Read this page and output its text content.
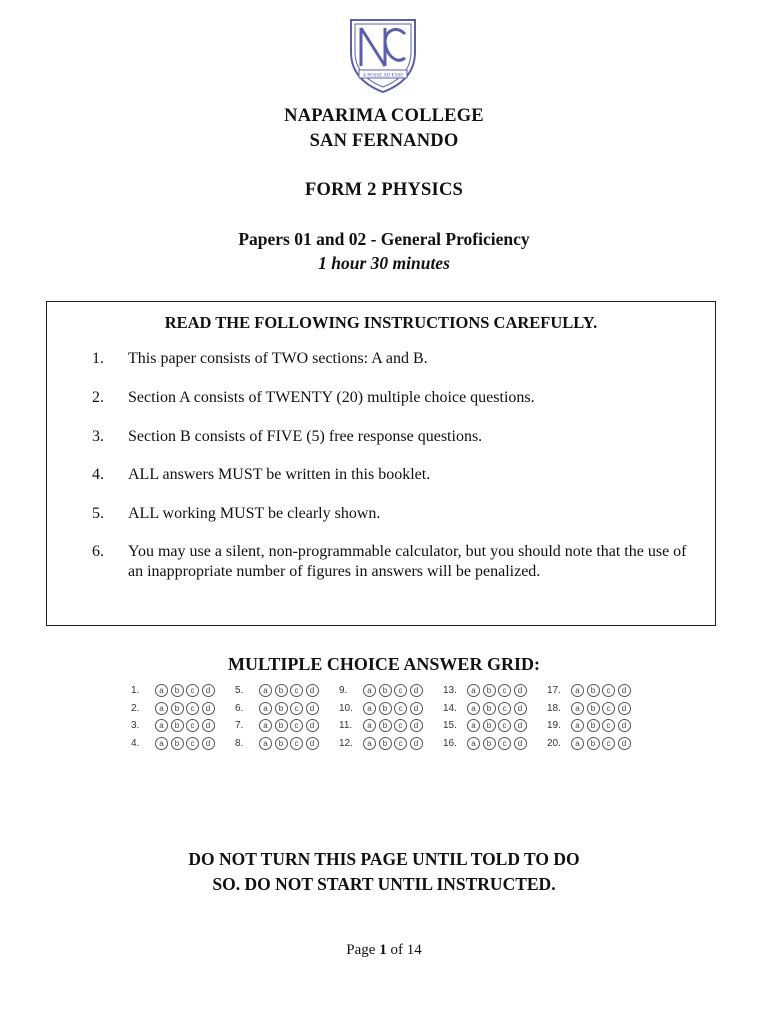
A POSSE AD ESSE
NAPARIMA COLLEGE
SAN FERNANDO
FORM 2 PHYSICS
Papers 01 and 02 - General Proficiency
1 hour 30 minutes
READ THE FOLLOWING INSTRUCTIONS CAREFULLY.
1.	This paper consists of TWO sections: A and B.
2.	Section A consists of TWENTY (20) multiple choice questions.
3.	Section B consists of FIVE (5) free response questions.
4.	ALL answers MUST be written in this booklet.
5.	ALL working MUST be clearly shown.
6.	You may use a silent, non-programmable calculator, but you should note that the use of an inappropriate number of figures in answers will be penalized.
MULTIPLE CHOICE ANSWER GRID:
1.	a	b	c	d	5.	a	b	c	d	9.	a	b	c	d	13.	a	b	c	d	17.	a	b	c	d
2.	a	b	c	d	6.	a	b	c	d	10.	a	b	c	d	14.	a	b	c	d	18.	a	b	c	d
3.	a	b	c	d	7.	a	b	c	d	11.	a	b	c	d	15.	a	b	c	d	19.	a	b	c	d
4.	a	b	c	d	8.	a	b	c	d	12.	a	b	c	d	16.	a	b	c	d	20.	a	b	c	d
DO NOT TURN THIS PAGE UNTIL TOLD TO DO
SO. DO NOT START UNTIL INSTRUCTED.
Page 1 of 14
